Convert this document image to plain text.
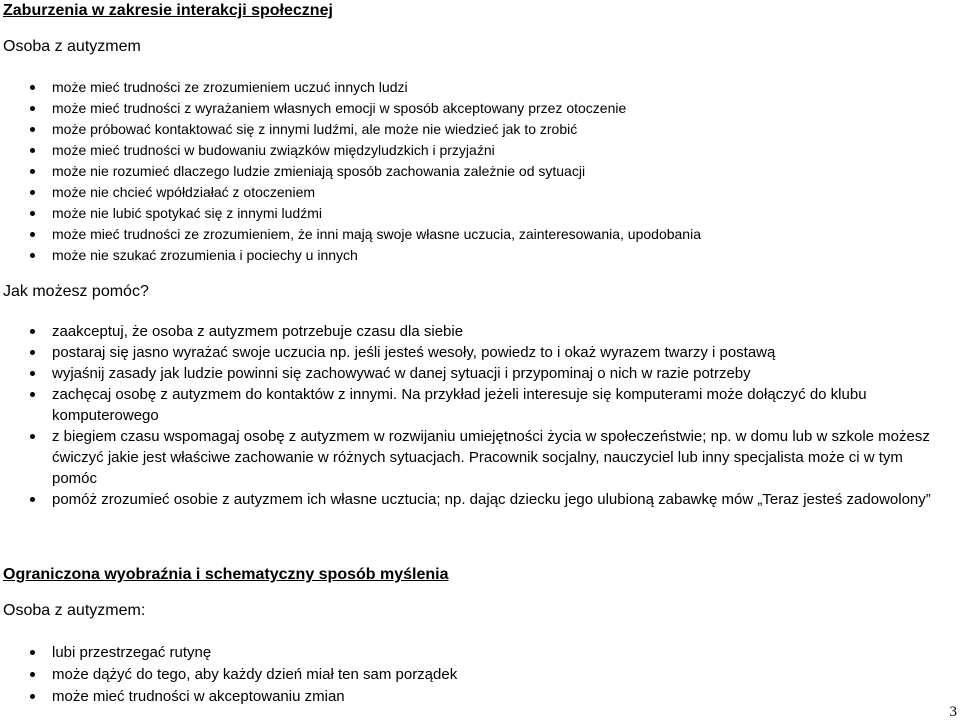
Zaburzenia w zakresie interakcji społecznej

Osoba z autyzmem

może mieć trudności ze zrozumieniem uczuć innych ludzi
może mieć trudności z wyrażaniem własnych emocji w sposób akceptowany przez otoczenie
może próbować kontaktować się z innymi ludźmi, ale może nie wiedzieć jak to zrobić
może mieć trudności w budowaniu związków międzyludzkich i przyjaźni
może nie rozumieć dlaczego ludzie zmieniają sposób zachowania zależnie od sytuacji
może nie chcieć wpółdziałać z otoczeniem
może nie lubić spotykać się z innymi ludźmi
może mieć trudności ze zrozumieniem, że inni mają swoje własne uczucia, zainteresowania, upodobania
może nie szukać zrozumienia i pociechy u innych

Jak możesz pomóc?

zaakceptuj, że osoba z autyzmem potrzebuje czasu dla siebie
postaraj się jasno wyrażać swoje uczucia np. jeśli jesteś wesoły, powiedz to i okaż wyrazem twarzy i postawą
wyjaśnij zasady jak ludzie powinni się zachowywać w danej sytuacji i przypominaj o nich w razie potrzeby
zachęcaj osobę z autyzmem do kontaktów z innymi. Na przykład jeżeli interesuje się komputerami może dołączyć do klubu komputerowego
z biegiem czasu wspomagaj osobę z autyzmem w rozwijaniu umiejętności życia w społeczeństwie; np. w domu lub w szkole możesz ćwiczyć jakie jest właściwe zachowanie w różnych sytuacjach. Pracownik socjalny, nauczyciel lub inny specjalista może ci w tym pomóc
pomóż zrozumieć osobie z autyzmem ich własne ucztucia; np. dając dziecku jego ulubioną zabawkę mów „Teraz jesteś zadowolony”
Ograniczona wyobraźnia i schematyczny sposób myślenia

Osoba z autyzmem:

lubi przestrzegać rutynę
może dążyć do tego, aby każdy dzień miał ten sam porządek
może mieć trudności w akceptowaniu zmian
3
